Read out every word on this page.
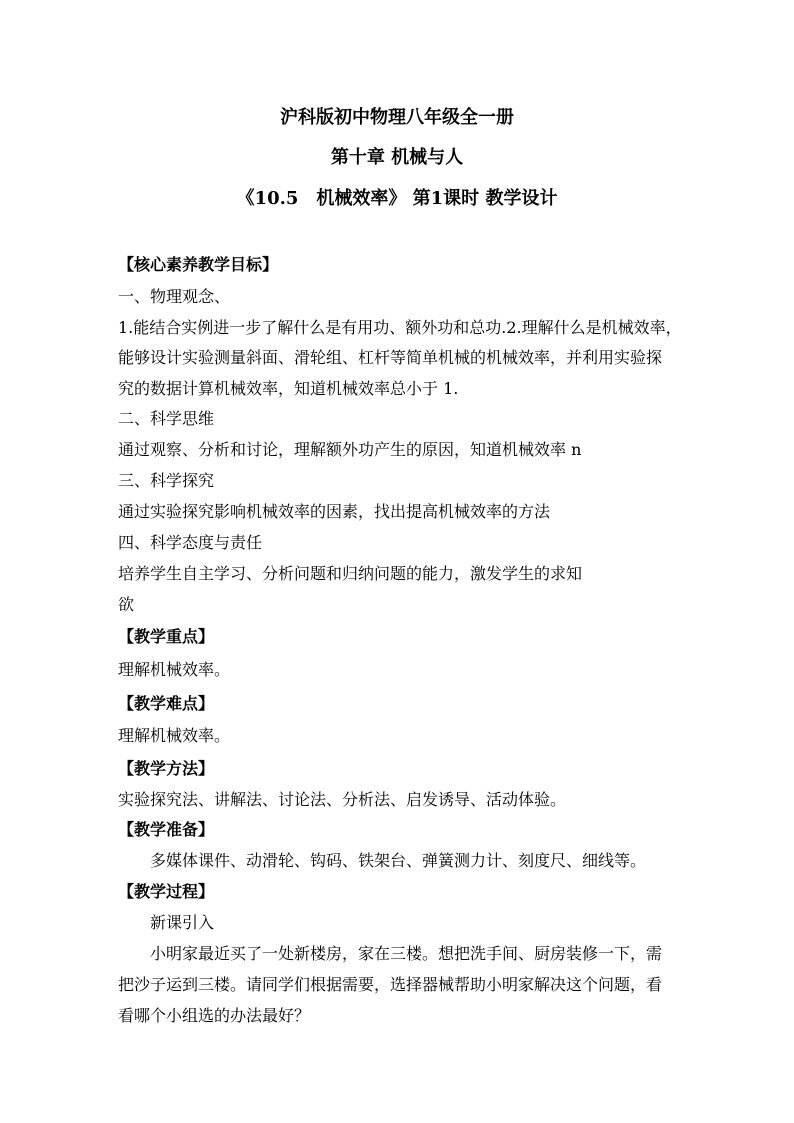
沪科版初中物理八年级全一册
第十章 机械与人
《10.5　机械效率》 第1课时 教学设计
【核心素养教学目标】
一、物理观念、
1.能结合实例进一步了解什么是有用功、额外功和总功.2.理解什么是机械效率，
能够设计实验测量斜面、滑轮组、杠杆等简单机械的机械效率，并利用实验探
究的数据计算机械效率，知道机械效率总小于 1.
二、科学思维
通过观察、分析和讨论，理解额外功产生的原因，知道机械效率 n
三、科学探究
通过实验探究影响机械效率的因素，找出提高机械效率的方法
四、科学态度与责任
培养学生自主学习、分析问题和归纳问题的能力，激发学生的求知
欲
【教学重点】
理解机械效率。
【教学难点】
理解机械效率。
【教学方法】
实验探究法、讲解法、讨论法、分析法、启发诱导、活动体验。
【教学准备】
多媒体课件、动滑轮、钩码、铁架台、弹簧测力计、刻度尺、细线等。
【教学过程】
新课引入
小明家最近买了一处新楼房，家在三楼。想把洗手间、厨房装修一下，需
把沙子运到三楼。请同学们根据需要，选择器械帮助小明家解决这个问题，看
看哪个小组选的办法最好？
